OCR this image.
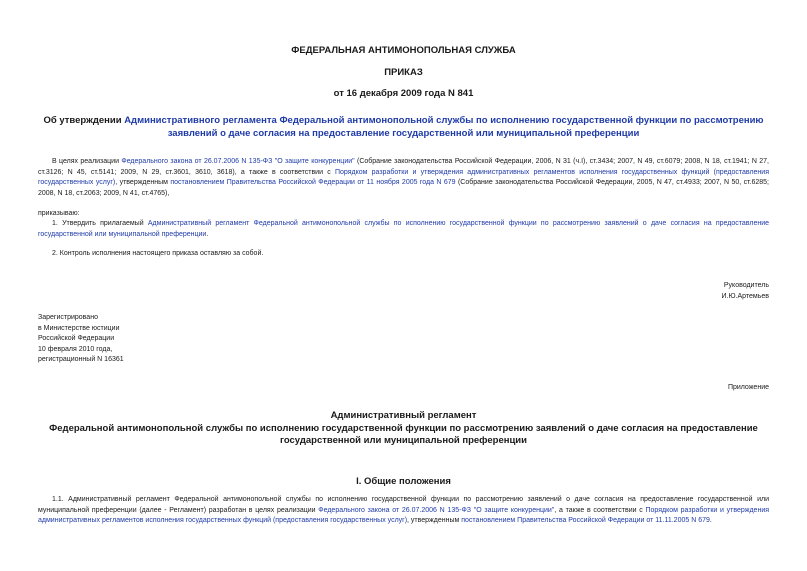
ФЕДЕРАЛЬНАЯ АНТИМОНОПОЛЬНАЯ СЛУЖБА
ПРИКАЗ
от 16 декабря 2009 года N 841
Об утверждении Административного регламента Федеральной антимонопольной службы по исполнению государственной функции по рассмотрению заявлений о даче согласия на предоставление государственной или муниципальной преференции
В целях реализации Федерального закона от 26.07.2006 N 135-ФЗ "О защите конкуренции" (Собрание законодательства Российской Федерации, 2006, N 31 (ч.I), ст.3434; 2007, N 49, ст.6079; 2008, N 18, ст.1941; N 27, ст.3126; N 45, ст.5141; 2009, N 29, ст.3601, 3610, 3618), а также в соответствии с Порядком разработки и утверждения административных регламентов исполнения государственных функций (предоставления государственных услуг), утвержденным постановлением Правительства Российской Федерации от 11 ноября 2005 года N 679 (Собрание законодательства Российской Федерации, 2005, N 47, ст.4933; 2007, N 50, ст.6285; 2008, N 18, ст.2063; 2009, N 41, ст.4765),
приказываю:
1. Утвердить прилагаемый Административный регламент Федеральной антимонопольной службы по исполнению государственной функции по рассмотрению заявлений о даче согласия на предоставление государственной или муниципальной преференции.
2. Контроль исполнения настоящего приказа оставляю за собой.
Руководитель
И.Ю.Артемьев
Зарегистрировано
в Министерстве юстиции
Российской Федерации
10 февраля 2010 года,
регистрационный N 16361
Приложение
Административный регламент
Федеральной антимонопольной службы по исполнению государственной функции по рассмотрению заявлений о даче согласия на предоставление
государственной или муниципальной преференции
I. Общие положения
1.1. Административный регламент Федеральной антимонопольной службы по исполнению государственной функции по рассмотрению заявлений о даче согласия на предоставление государственной или муниципальной преференции (далее - Регламент) разработан в целях реализации Федерального закона от 26.07.2006 N 135-ФЗ "О защите конкуренции", а также в соответствии с Порядком разработки и утверждения административных регламентов исполнения государственных функций (предоставления государственных услуг), утвержденным постановлением Правительства Российской Федерации от 11.11.2005 N 679.
